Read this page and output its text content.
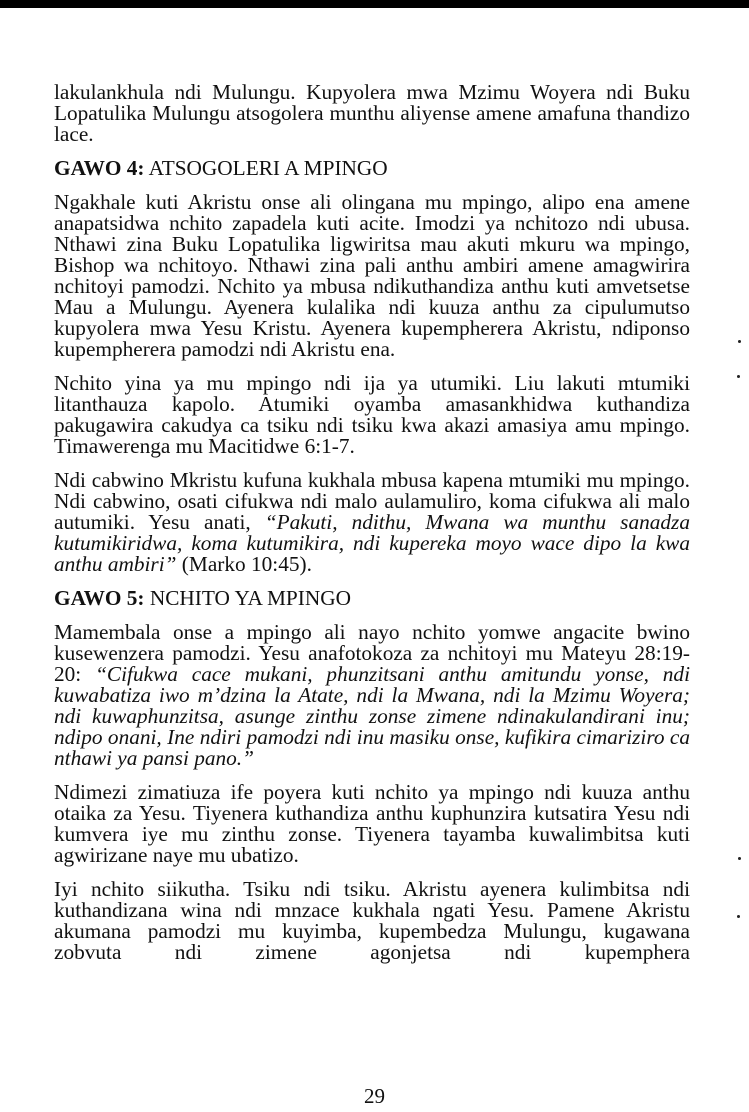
lakulankhula ndi Mulungu. Kupyolera mwa Mzimu Woyera ndi Buku Lopatulika Mulungu atsogolera munthu aliyense amene amafuna thandizo lace.

GAWO 4: ATSOGOLERI A MPINGO

Ngakhale kuti Akristu onse ali olingana mu mpingo, alipo ena amene anapatsidwa nchito zapadela kuti acite. Imodzi ya nchitozo ndi ubusa. Nthawi zina Buku Lopatulika ligwiritsa mau akuti mkuru wa mpingo, Bishop wa nchitoyo. Nthawi zina pali anthu ambiri amene amagwirira nchitoyi pamodzi. Nchito ya mbusa ndikuthandiza anthu kuti amvetsetse Mau a Mulungu. Ayenera kulalika ndi kuuza anthu za cipulumutso kupyolera mwa Yesu Kristu. Ayenera kupempherera Akristu, ndiponso kupempherera pamodzi ndi Akristu ena.

Nchito yina ya mu mpingo ndi ija ya utumiki. Liu lakuti mtumiki litanthauza kapolo. Atumiki oyamba amasankhidwa kuthandiza pakugawira cakudya ca tsiku ndi tsiku kwa akazi amasiya amu mpingo. Timawerenga mu Macitidwe 6:1-7.

Ndi cabwino Mkristu kufuna kukhala mbusa kapena mtumiki mu mpingo. Ndi cabwino, osati cifukwa ndi malo aulamuliro, koma cifukwa ali malo autumiki. Yesu anati, “Pakuti, ndithu, Mwana wa munthu sanadza kutumikiridwa, koma kutumikira, ndi kupereka moyo wace dipo la kwa anthu ambiri” (Marko 10:45).

GAWO 5: NCHITO YA MPINGO

Mamembala onse a mpingo ali nayo nchito yomwe angacite bwino kusewenzera pamodzi. Yesu anafotokoza za nchitoyi mu Mateyu 28:19-20: “Cifukwa cace mukani, phunzitsani anthu amitundu yonse, ndi kuwabatiza iwo m’dzina la Atate, ndi la Mwana, ndi la Mzimu Woyera; ndi kuwaphunzitsa, asunge zinthu zonse zimene ndinakulandirani inu; ndipo onani, Ine ndiri pamodzi ndi inu masiku onse, kufikira cimariziro ca nthawi ya pansi pano.”

Ndimezi zimatiuza ife poyera kuti nchito ya mpingo ndi kuuza anthu otaika za Yesu. Tiyenera kuthandiza anthu kuphunzira kutsatira Yesu ndi kumvera iye mu zinthu zonse. Tiyenera tayamba kuwalimbitsa kuti agwirizane naye mu ubatizo.

Iyi nchito siikutha. Tsiku ndi tsiku. Akristu ayenera kulimbitsa ndi kuthandizana wina ndi mnzace kukhala ngati Yesu. Pamene Akristu akumana pamodzi mu kuyimba, kupembedza Mulungu, kugawana zobvuta ndi zimene agonjetsa ndi kupemphera

29
